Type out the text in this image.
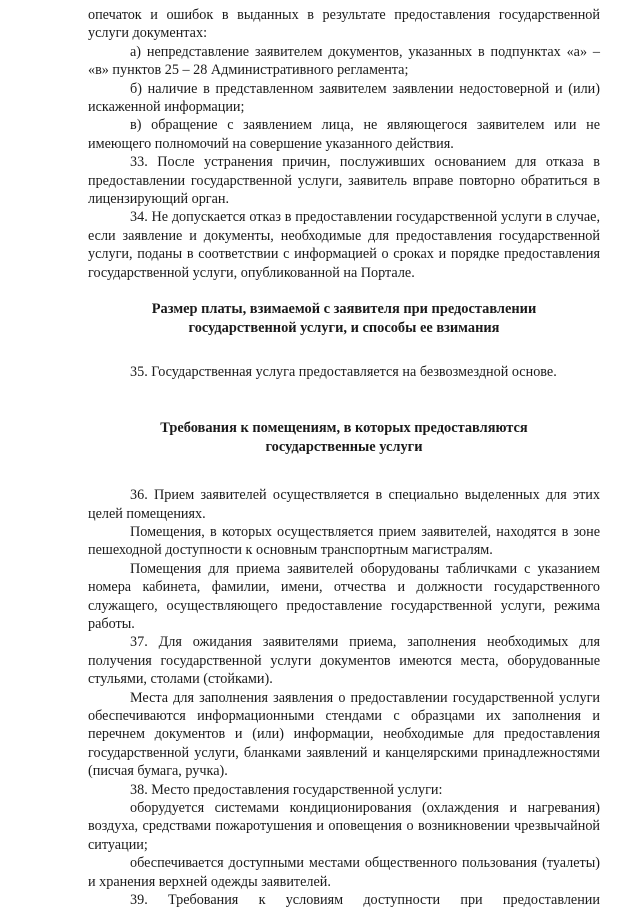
опечаток и ошибок в выданных в результате предоставления государственной услуги документах:

а) непредставление заявителем документов, указанных в подпунктах «а» – «в» пунктов 25 – 28 Административного регламента;

б) наличие в представленном заявителем заявлении недостоверной и (или) искаженной информации;

в) обращение с заявлением лица, не являющегося заявителем или не имеющего полномочий на совершение указанного действия.

33. После устранения причин, послуживших основанием для отказа в предоставлении государственной услуги, заявитель вправе повторно обратиться в лицензирующий орган.

34. Не допускается отказ в предоставлении государственной услуги в случае, если заявление и документы, необходимые для предоставления государственной услуги, поданы в соответствии с информацией о сроках и порядке предоставления государственной услуги, опубликованной на Портале.

Размер платы, взимаемой с заявителя при предоставлении
государственной услуги, и способы ее взимания

35. Государственная услуга предоставляется на безвозмездной основе.

Требования к помещениям, в которых предоставляются
государственные услуги

36. Прием заявителей осуществляется в специально выделенных для этих целей помещениях.

Помещения, в которых осуществляется прием заявителей, находятся в зоне пешеходной доступности к основным транспортным магистралям.

Помещения для приема заявителей оборудованы табличками с указанием номера кабинета, фамилии, имени, отчества и должности государственного служащего, осуществляющего предоставление государственной услуги, режима работы.

37. Для ожидания заявителями приема, заполнения необходимых для получения государственной услуги документов имеются места, оборудованные стульями, столами (стойками).

Места для заполнения заявления о предоставлении государственной услуги обеспечиваются информационными стендами с образцами их заполнения и перечнем документов и (или) информации, необходимые для предоставления государственной услуги, бланками заявлений и канцелярскими принадлежностями (писчая бумага, ручка).

38. Место предоставления государственной услуги:

оборудуется системами кондиционирования (охлаждения и нагревания) воздуха, средствами пожаротушения и оповещения о возникновении чрезвычайной ситуации;

обеспечивается доступными местами общественного пользования (туалеты) и хранения верхней одежды заявителей.

39. Требования к условиям доступности при предоставлении
